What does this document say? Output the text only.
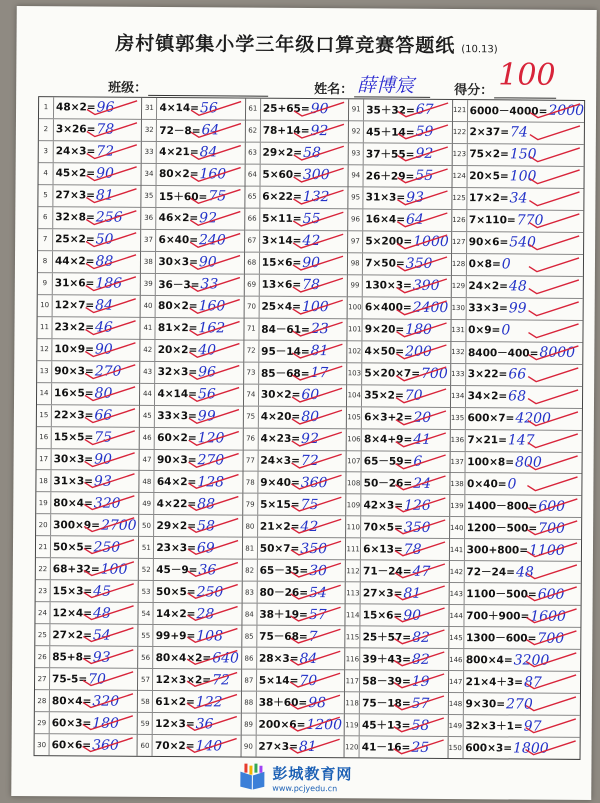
房村镇郭集小学三年级口算竞赛答题纸 (10.13)
班级：	姓名： 薛博宸	得分： 100
1 48×2= 96
2 3×26= 78
3 24×3= 72
4 45×2= 90
5 27×3= 81
6 32×8= 256
7 25×2= 50
8 44×2= 88
9 31×6= 186
10 12×7= 84
11 23×2= 46
12 10×9= 90
13 90×3= 270
14 16×5= 80
15 22×3= 66
16 15×5= 75
17 30×3= 90
18 31×3= 93
19 80×4= 320
20 300×9= 2700
21 50×5= 250
22 68+32= 100
23 15×3= 45
24 12×4= 48
25 27×2= 54
26 85+8= 93
27 75-5= 70
28 80×4= 320
29 60×3= 180
30 60×6= 360
31 4×14= 56
32 72－8= 64
33 4×21= 84
34 80×2= 160
35 15＋60= 75
36 46×2= 92
37 6×40= 240
38 30×3= 90
39 36－3= 33
40 80×2= 160
41 81×2= 162
42 20×2= 40
43 32×3= 96
44 4×14= 56
45 33×3= 99
46 60×2= 120
47 90×3= 270
48 64×2= 128
49 4×22= 88
50 29×2= 58
51 23×3= 69
52 45－9= 36
53 50×5= 250
54 14×2= 28
55 99+9= 108
56 80×4×2= 640
57 12×3×2= 72
58 61×2= 122
59 12×3= 36
60 70×2= 140
61 25+65= 90
62 78+14= 92
63 29×2= 58
64 5×60= 300
65 6×22= 132
66 5×11= 55
67 3×14= 42
68 15×6= 90
69 13×6= 78
70 25×4= 100
71 84－61= 23
72 95－14= 81
73 85－68= 17
74 30×2= 60
75 4×20= 80
76 4×23= 92
77 24×3= 72
78 9×40= 360
79 5×15= 75
80 21×2= 42
81 50×7= 350
82 65－35= 30
83 80－26= 54
84 38＋19= 57
85 75－68= 7
86 28×3= 84
87 5×14= 70
88 38＋60= 98
89 200×6= 1200
90 27×3= 81
91 35＋32= 67
92 45＋14= 59
93 37＋55= 92
94 26＋29= 55
95 31×3= 93
96 16×4= 64
97 5×200= 1000
98 7×50= 350
99 130×3= 390
100 6×400= 2400
101 9×20= 180
102 4×50= 200
103 5×20×7= 700
104 35×2= 70
105 6×3+2= 20
106 8×4+9= 41
107 65－59= 6
108 50－26= 24
109 42×3= 126
110 70×5= 350
111 6×13= 78
112 71－24= 47
113 27×3= 81
114 15×6= 90
115 25＋57= 82
116 39＋43= 82
117 58－39= 19
118 75－18= 57
119 45＋13= 58
120 41－16= 25
121 6000－4000= 2000
122 2×37= 74
123 75×2= 150
124 20×5= 100
125 17×2= 34
126 7×110= 770
127 90×6= 540
128 0×8= 0
129 24×2= 48
130 33×3= 99
131 0×9= 0
132 8400－400= 8000
133 3×22= 66
134 34×2= 68
135 600×7= 4200
136 7×21= 147
137 100×8= 800
138 0×40= 0
139 1400－800= 600
140 1200－500= 700
141 300+800= 1100
142 72－24= 48
143 1100－500= 600
144 700＋900= 1600
145 1300－600= 700
146 800×4= 3200
147 21×4＋3= 87
148 9×30= 270
149 32×3＋1= 97
150 600×3= 1800
彭城教育网
www.pcjyedu.cn
